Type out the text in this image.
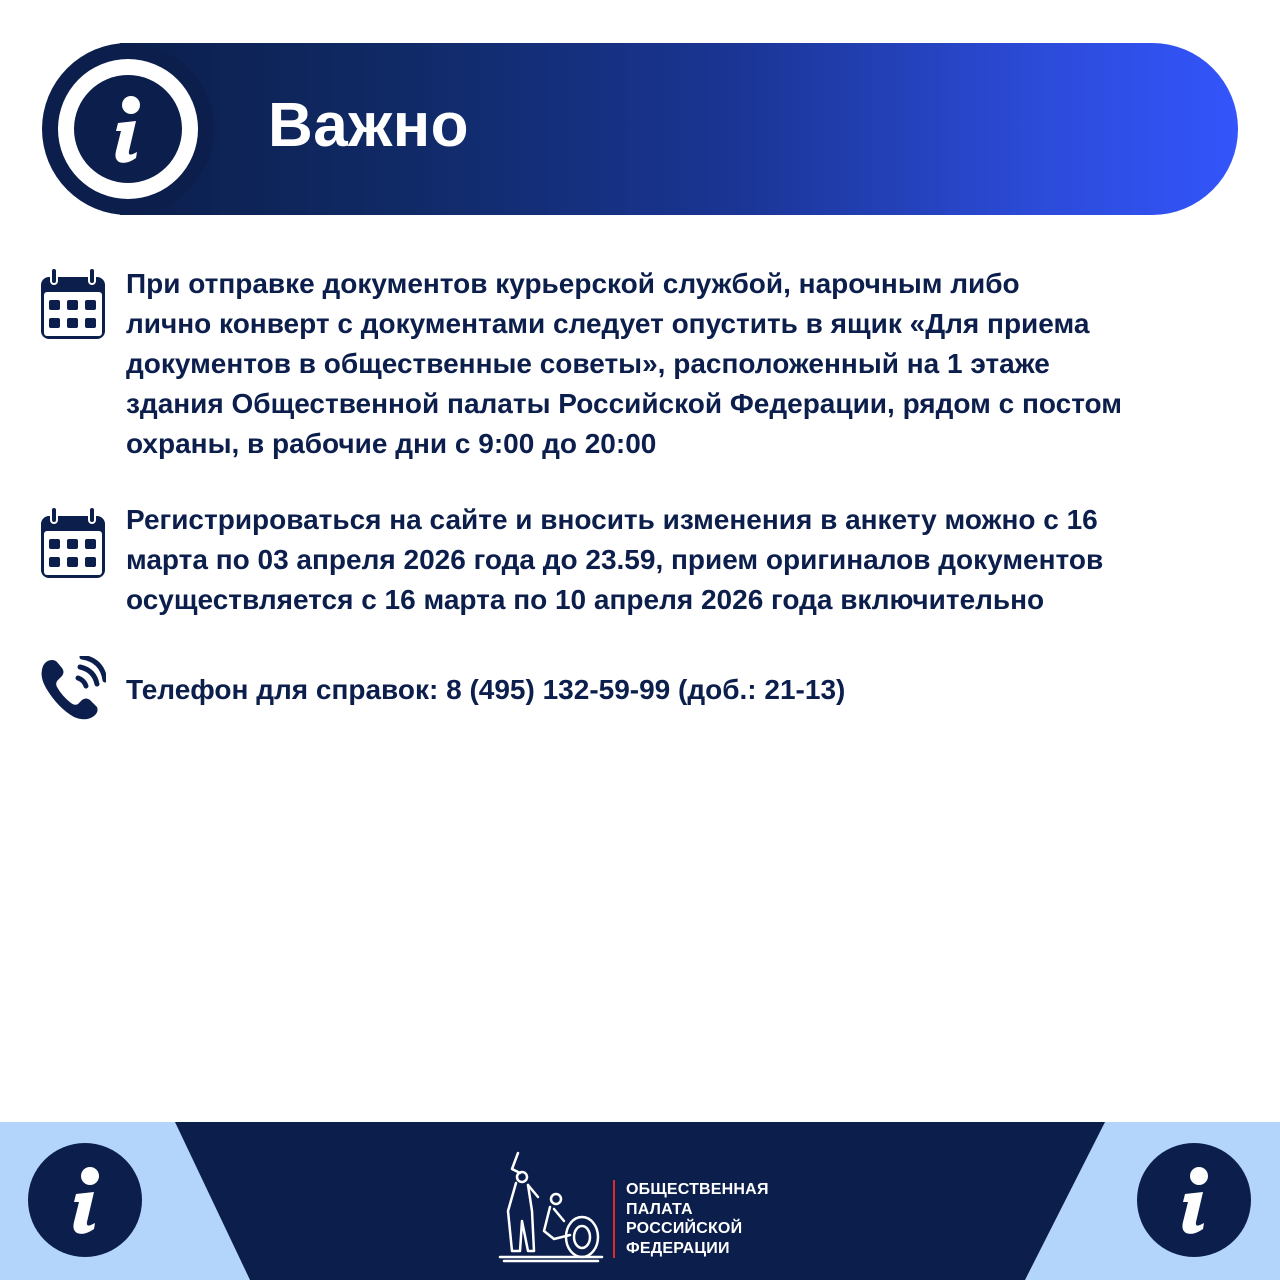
Важно

При отправке документов курьерской службой, нарочным либо
лично конверт с документами следует опустить в ящик «Для приема
документов в общественные советы», расположенный на 1 этаже
здания Общественной палаты Российской Федерации, рядом с постом
охраны, в рабочие дни с 9:00 до 20:00

Регистрироваться на сайте и вносить изменения в анкету можно с 16
марта по 03 апреля 2026 года до 23.59, прием оригиналов документов
осуществляется с 16 марта по 10 апреля 2026 года включительно

Телефон для справок: 8 (495) 132-59-99 (доб.: 21-13)

ОБЩЕСТВЕННАЯ
ПАЛАТА
РОССИЙСКОЙ
ФЕДЕРАЦИИ
